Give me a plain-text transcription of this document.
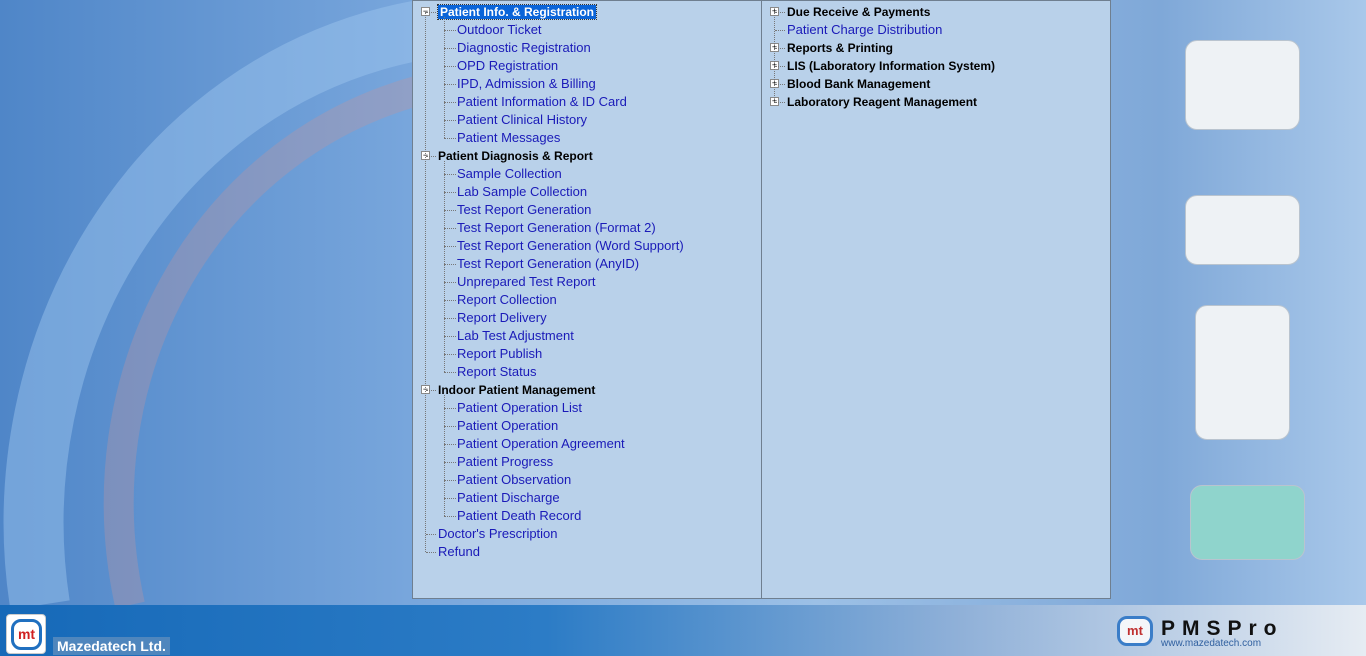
− Patient Info. & Registration
Outdoor Ticket
Diagnostic Registration
OPD Registration
IPD, Admission & Billing
Patient Information & ID Card
Patient Clinical History
Patient Messages
− Patient Diagnosis & Report
Sample Collection
Lab Sample Collection
Test Report Generation
Test Report Generation (Format 2)
Test Report Generation (Word Support)
Test Report Generation (AnyID)
Unprepared Test Report
Report Collection
Report Delivery
Lab Test Adjustment
Report Publish
Report Status
− Indoor Patient Management
Patient Operation List
Patient Operation
Patient Operation Agreement
Patient Progress
Patient Observation
Patient Discharge
Patient Death Record
Doctor's Prescription
Refund
+ Due Receive & Payments
Patient Charge Distribution
+ Reports & Printing
+ LIS (Laboratory Information System)
+ Blood Bank Management
+ Laboratory Reagent Management
mt
Mazedatech Ltd.
mt PMSPro
www.mazedatech.com
